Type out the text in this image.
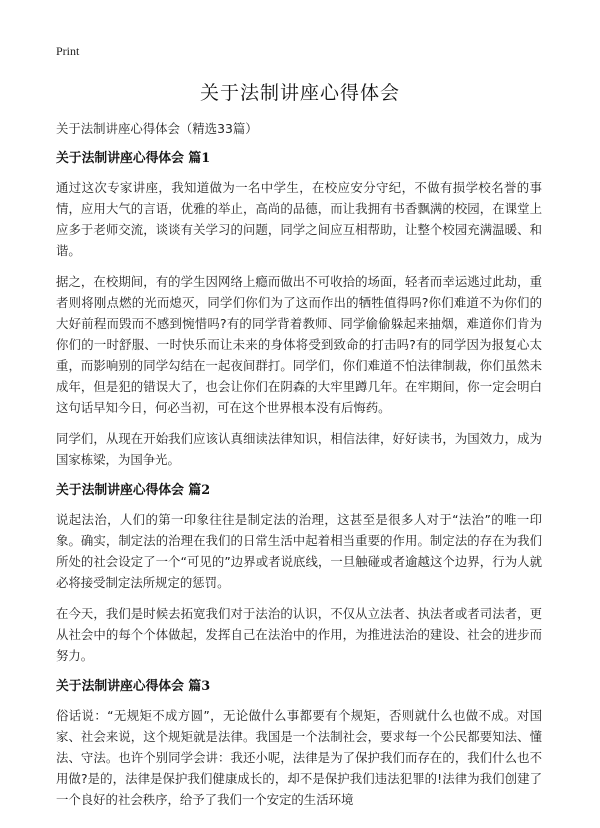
Print
关于法制讲座心得体会

关于法制讲座心得体会（精选33篇）

关于法制讲座心得体会 篇1

通过这次专家讲座，我知道做为一名中学生，在校应安分守纪，不做有损学校名誉的事情，应用大气的言语，优雅的举止，高尚的品德，而让我拥有书香飘满的校园，在课堂上应多于老师交流，谈谈有关学习的问题，同学之间应互相帮助，让整个校园充满温暖、和谐。

据之，在校期间，有的学生因网络上瘾而做出不可收拾的场面，轻者而幸运逃过此劫，重者则将刚点燃的光而熄灭，同学们你们为了这而作出的牺牲值得吗?你们难道不为你们的大好前程而毁而不感到惋惜吗?有的同学背着教师、同学偷偷躲起来抽烟，难道你们肯为你们的一时舒服、一时快乐而让未来的身体将受到致命的打击吗?有的同学因为报复心太重，而影响别的同学勾结在一起夜间群打。同学们，你们难道不怕法律制裁，你们虽然未成年，但是犯的错误大了，也会让你们在阴森的大牢里蹲几年。在牢期间，你一定会明白这句话早知今日，何必当初，可在这个世界根本没有后悔药。

同学们，从现在开始我们应该认真细读法律知识，相信法律，好好读书，为国效力，成为国家栋梁，为国争光。

关于法制讲座心得体会 篇2

说起法治，人们的第一印象往往是制定法的治理，这甚至是很多人对于“法治”的唯一印象。确实，制定法的治理在我们的日常生活中起着相当重要的作用。制定法的存在为我们所处的社会设定了一个“可见的”边界或者说底线，一旦触碰或者逾越这个边界，行为人就必将接受制定法所规定的惩罚。

在今天，我们是时候去拓宽我们对于法治的认识，不仅从立法者、执法者或者司法者，更从社会中的每个个体做起，发挥自己在法治中的作用，为推进法治的建设、社会的进步而努力。

关于法制讲座心得体会 篇3

俗话说：“无规矩不成方圆”，无论做什么事都要有个规矩，否则就什么也做不成。对国家、社会来说，这个规矩就是法律。我国是一个法制社会，要求每一个公民都要知法、懂法、守法。也许个别同学会讲：我还小呢，法律是为了保护我们而存在的，我们什么也不用做?是的，法律是保护我们健康成长的，却不是保护我们违法犯罪的!法律为我们创建了一个良好的社会秩序，给予了我们一个安定的生活环境
